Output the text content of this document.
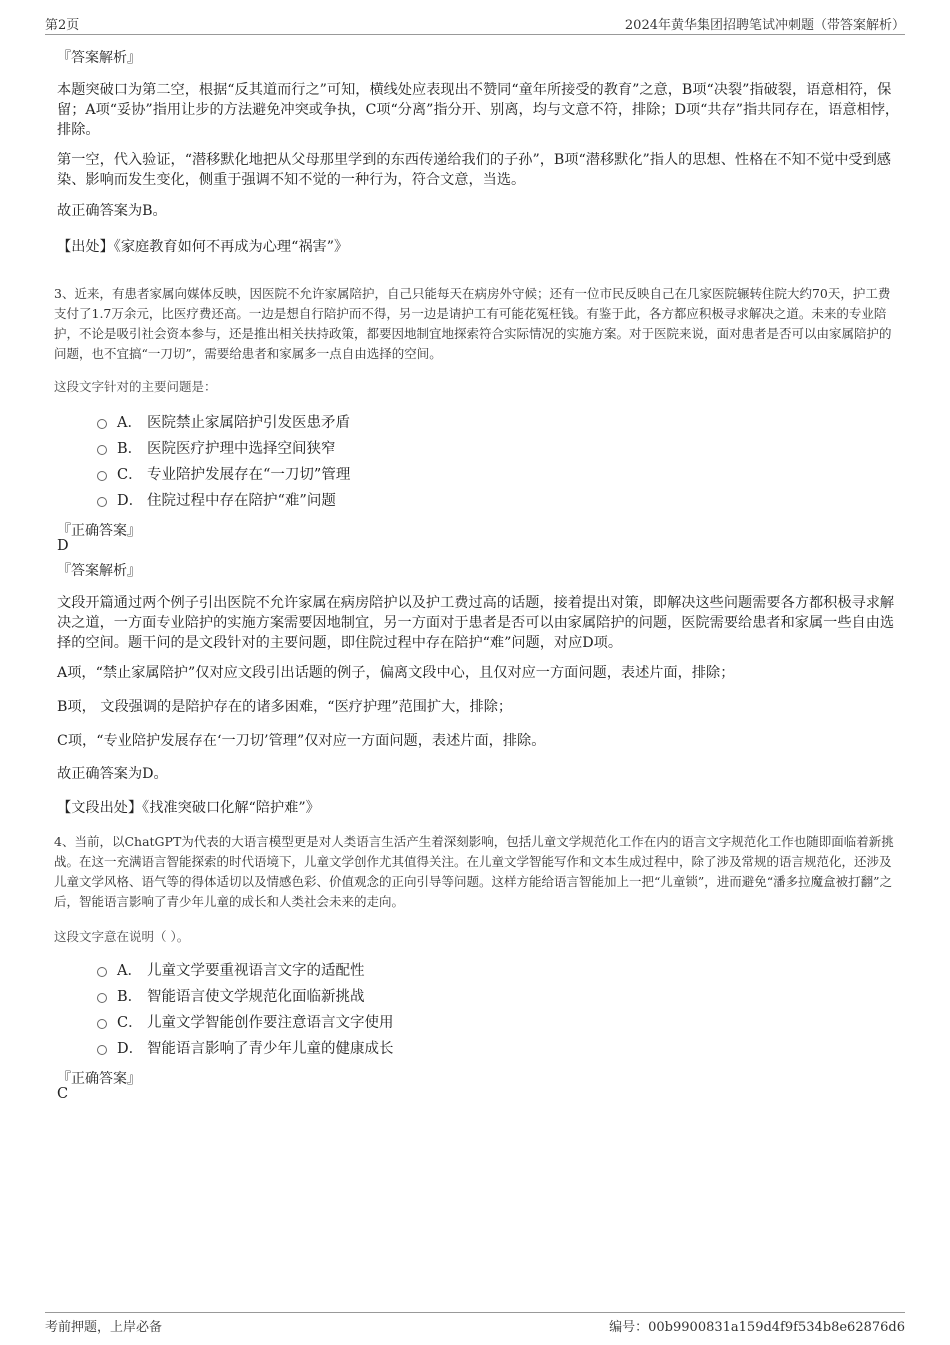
第2页	2024年黄华集团招聘笔试冲刺题（带答案解析）
『答案解析』
本题突破口为第二空，根据“反其道而行之”可知，横线处应表现出不赞同“童年所接受的教育”之意，B项“决裂”指破裂，语意相符，保留；A项“妥协”指用让步的方法避免冲突或争执，C项“分离”指分开、别离，均与文意不符，排除；D项“共存”指共同存在，语意相悖，排除。
第一空，代入验证，“潜移默化地把从父母那里学到的东西传递给我们的子孙”，B项“潜移默化”指人的思想、性格在不知不觉中受到感染、影响而发生变化，侧重于强调不知不觉的一种行为，符合文意，当选。
故正确答案为B。
【出处】《家庭教育如何不再成为心理“祸害”》
3、近来，有患者家属向媒体反映，因医院不允许家属陪护，自己只能每天在病房外守候；还有一位市民反映自己在几家医院辗转住院大约70天，护工费支付了1.7万余元，比医疗费还高。一边是想自行陪护而不得，另一边是请护工有可能花冤枉钱。有鉴于此，各方都应积极寻求解决之道。未来的专业陪护，不论是吸引社会资本参与，还是推出相关扶持政策，都要因地制宜地探索符合实际情况的实施方案。对于医院来说，面对患者是否可以由家属陪护的问题，也不宜搞“一刀切”，需要给患者和家属多一点自由选择的空间。
这段文字针对的主要问题是：
A． 医院禁止家属陪护引发医患矛盾
B． 医院医疗护理中选择空间狭窄
C． 专业陪护发展存在“一刀切”管理
D． 住院过程中存在陪护“难”问题
『正确答案』
D
『答案解析』
文段开篇通过两个例子引出医院不允许家属在病房陪护以及护工费过高的话题，接着提出对策，即解决这些问题需要各方都积极寻求解决之道，一方面专业陪护的实施方案需要因地制宜，另一方面对于患者是否可以由家属陪护的问题，医院需要给患者和家属一些自由选择的空间。题干问的是文段针对的主要问题，即住院过程中存在陪护“难”问题，对应D项。
A项，“禁止家属陪护”仅对应文段引出话题的例子，偏离文段中心，且仅对应一方面问题，表述片面，排除；
B项， 文段强调的是陪护存在的诸多困难，“医疗护理”范围扩大，排除；
C项，“专业陪护发展存在‘一刀切’管理”仅对应一方面问题，表述片面，排除。
故正确答案为D。
【文段出处】《找准突破口化解“陪护难”》
4、当前，以ChatGPT为代表的大语言模型更是对人类语言生活产生着深刻影响，包括儿童文学规范化工作在内的语言文字规范化工作也随即面临着新挑战。在这一充满语言智能探索的时代语境下，儿童文学创作尤其值得关注。在儿童文学智能写作和文本生成过程中，除了涉及常规的语言规范化，还涉及儿童文学风格、语气等的得体适切以及情感色彩、价值观念的正向引导等问题。这样方能给语言智能加上一把“儿童锁”，进而避免“潘多拉魔盒被打翻”之后，智能语言影响了青少年儿童的成长和人类社会未来的走向。
这段文字意在说明（ ）。
A． 儿童文学要重视语言文字的适配性
B． 智能语言使文学规范化面临新挑战
C． 儿童文学智能创作要注意语言文字使用
D． 智能语言影响了青少年儿童的健康成长
『正确答案』
C
考前押题，上岸必备	编号：00b9900831a159d4f9f534b8e62876d6
